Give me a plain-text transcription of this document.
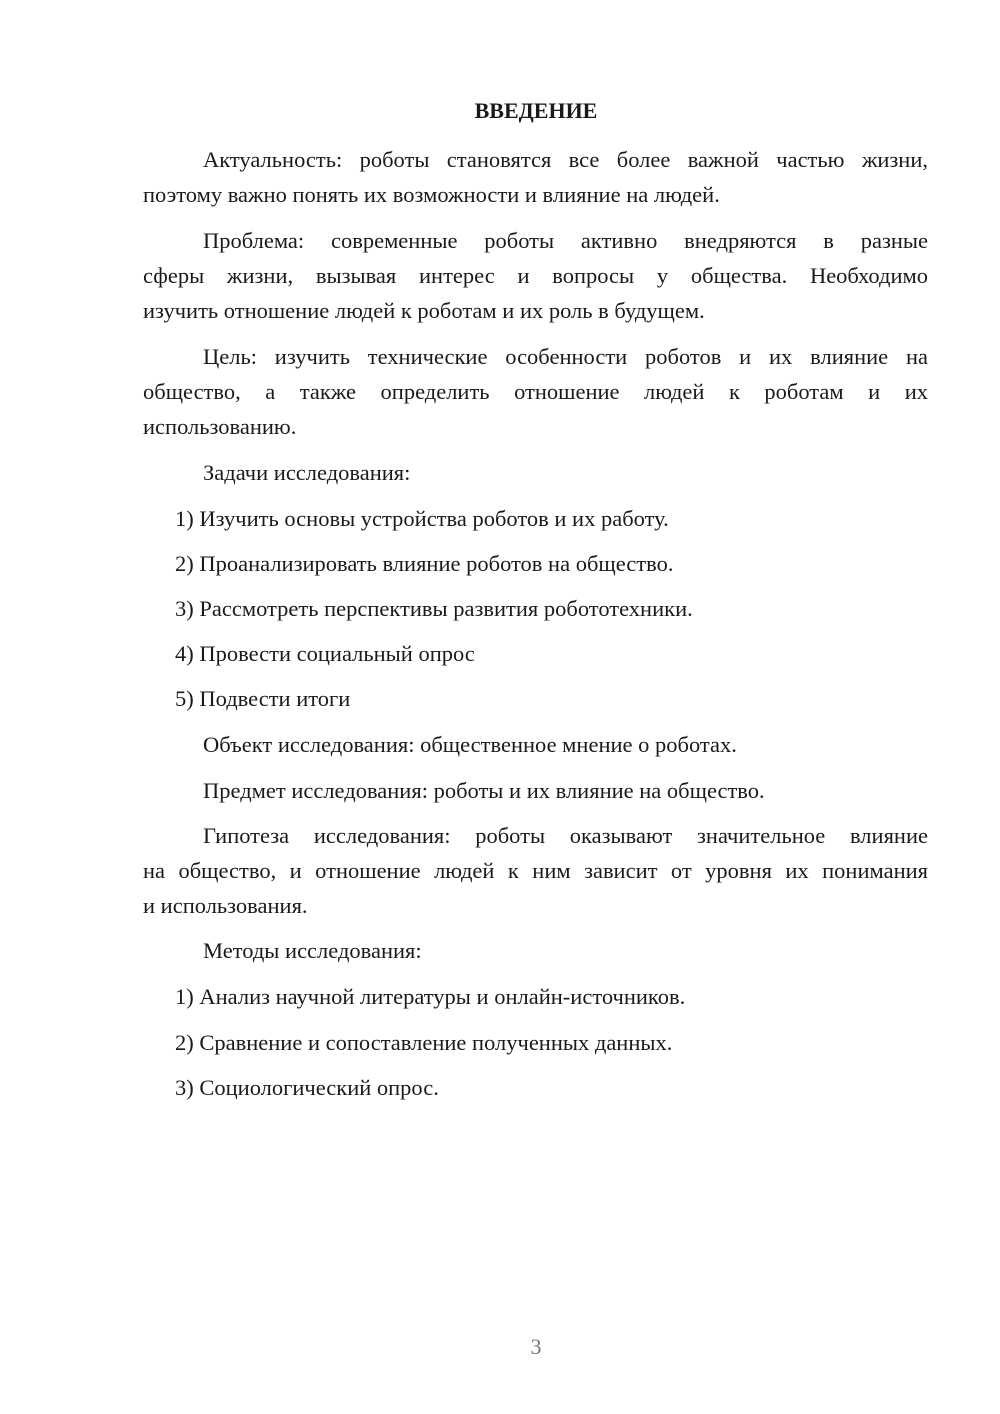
ВВЕДЕНИЕ
Актуальность: роботы становятся все более важной частью жизни,
поэтому важно понять их возможности и влияние на людей.
Проблема: современные роботы активно внедряются в разные
сферы жизни, вызывая интерес и вопросы у общества. Необходимо
изучить отношение людей к роботам и их роль в будущем.
Цель: изучить технические особенности роботов и их влияние на
общество, а также определить отношение людей к роботам и их
использованию.
Задачи исследования:
1) Изучить основы устройства роботов и их работу.
2) Проанализировать влияние роботов на общество.
3) Рассмотреть перспективы развития робототехники.
4) Провести социальный опрос
5) Подвести итоги
Объект исследования: общественное мнение о роботах.
Предмет исследования: роботы и их влияние на общество.
Гипотеза исследования: роботы оказывают значительное влияние
на общество, и отношение людей к ним зависит от уровня их понимания
и использования.
Методы исследования:
1) Анализ научной литературы и онлайн-источников.
2) Сравнение и сопоставление полученных данных.
3) Социологический опрос.
3
